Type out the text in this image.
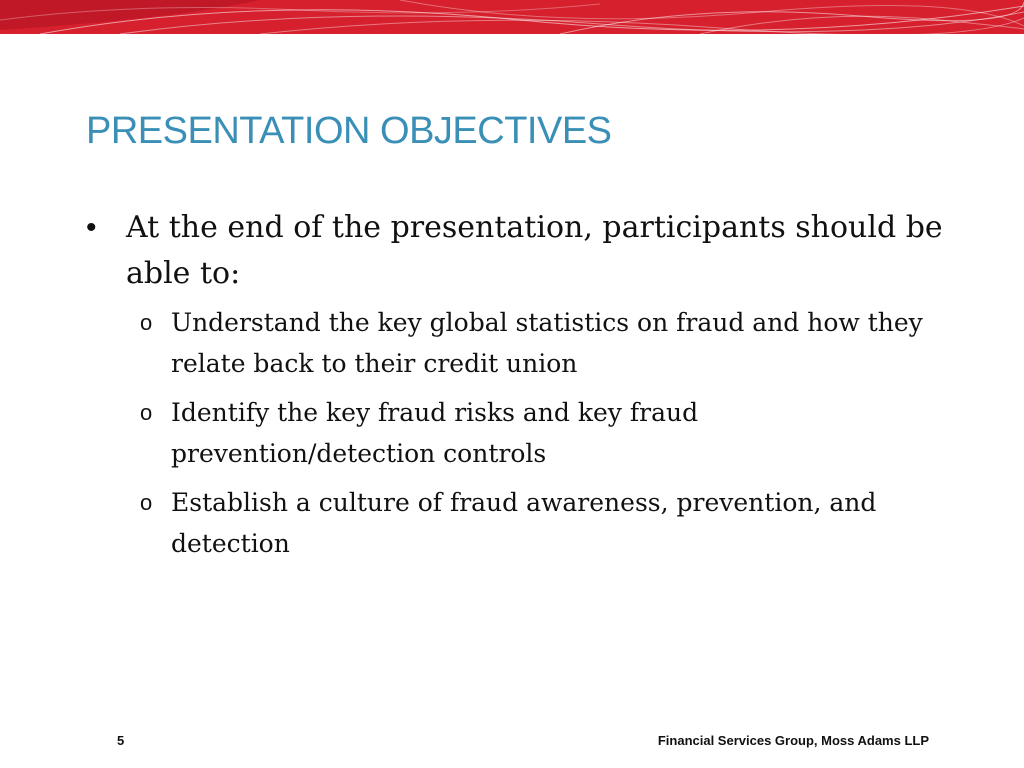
PRESENTATION OBJECTIVES
• At the end of the presentation, participants should be able to:
o Understand the key global statistics on fraud and how they relate back to their credit union
o Identify the key fraud risks and key fraud prevention/detection controls
o Establish a culture of fraud awareness, prevention, and detection
5	Financial Services Group, Moss Adams LLP
